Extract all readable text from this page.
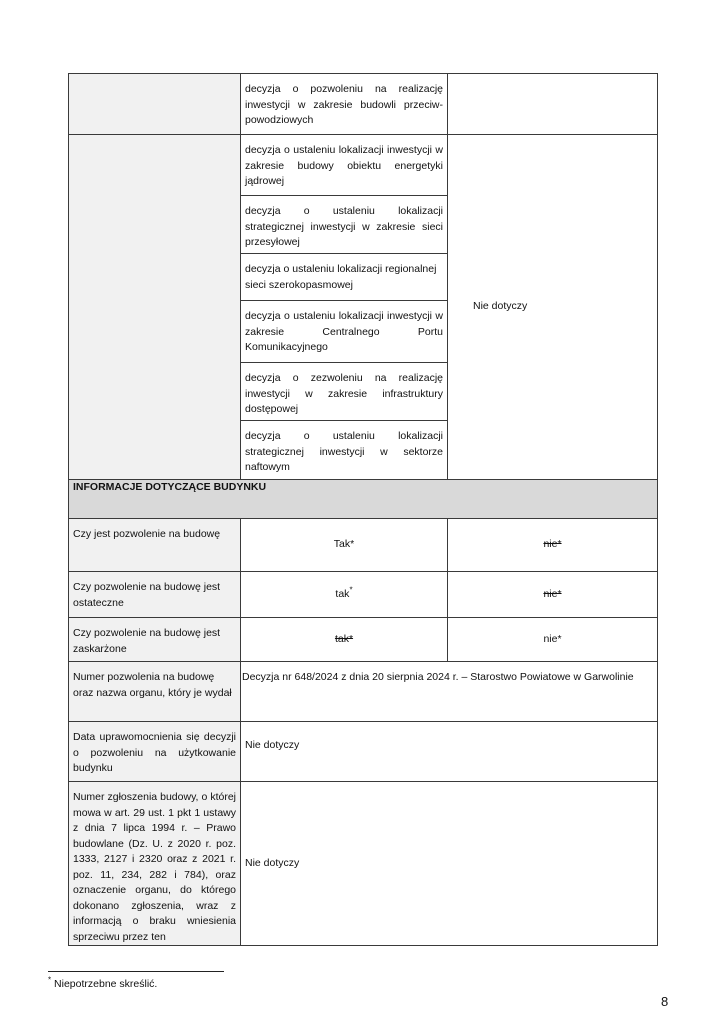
	decyzja o pozwoleniu na realizację inwestycji w zakresie budowli przeciw-powodziowych	
	decyzja o ustaleniu lokalizacji inwestycji w zakresie budowy obiektu energetyki jądrowej	Nie dotyczy
	decyzja o ustaleniu lokalizacji strategicznej inwestycji w zakresie sieci przesyłowej	
	decyzja o ustaleniu lokalizacji regionalnej sieci szerokopasmowej	
	decyzja o ustaleniu lokalizacji inwestycji w zakresie Centralnego Portu Komunikacyjnego	
	decyzja o zezwoleniu na realizację inwestycji w zakresie infrastruktury dostępowej	
	decyzja o ustaleniu lokalizacji strategicznej inwestycji w sektorze naftowym	
INFORMACJE DOTYCZĄCE BUDYNKU		
Czy jest pozwolenie na budowę	Tak*	nie*
Czy pozwolenie na budowę jest ostateczne	tak*	nie*
Czy pozwolenie na budowę jest zaskarżone	tak*	nie*
Numer pozwolenia na budowę oraz nazwa organu, który je wydał	Decyzja nr 648/2024 z dnia 20 sierpnia 2024 r. – Starostwo Powiatowe w Garwolinie	
Data uprawomocnienia się decyzji o pozwoleniu na użytkowanie budynku	Nie dotyczy	
Numer zgłoszenia budowy, o której mowa w art. 29 ust. 1 pkt 1 ustawy z dnia 7 lipca 1994 r. – Prawo budowlane (Dz. U. z 2020 r. poz. 1333, 2127 i 2320 oraz z 2021 r. poz. 11, 234, 282 i 784), oraz oznaczenie organu, do którego dokonano zgłoszenia, wraz z informacją o braku wniesienia sprzeciwu przez ten	Nie dotyczy	
* Niepotrzebne skreślić.
8
